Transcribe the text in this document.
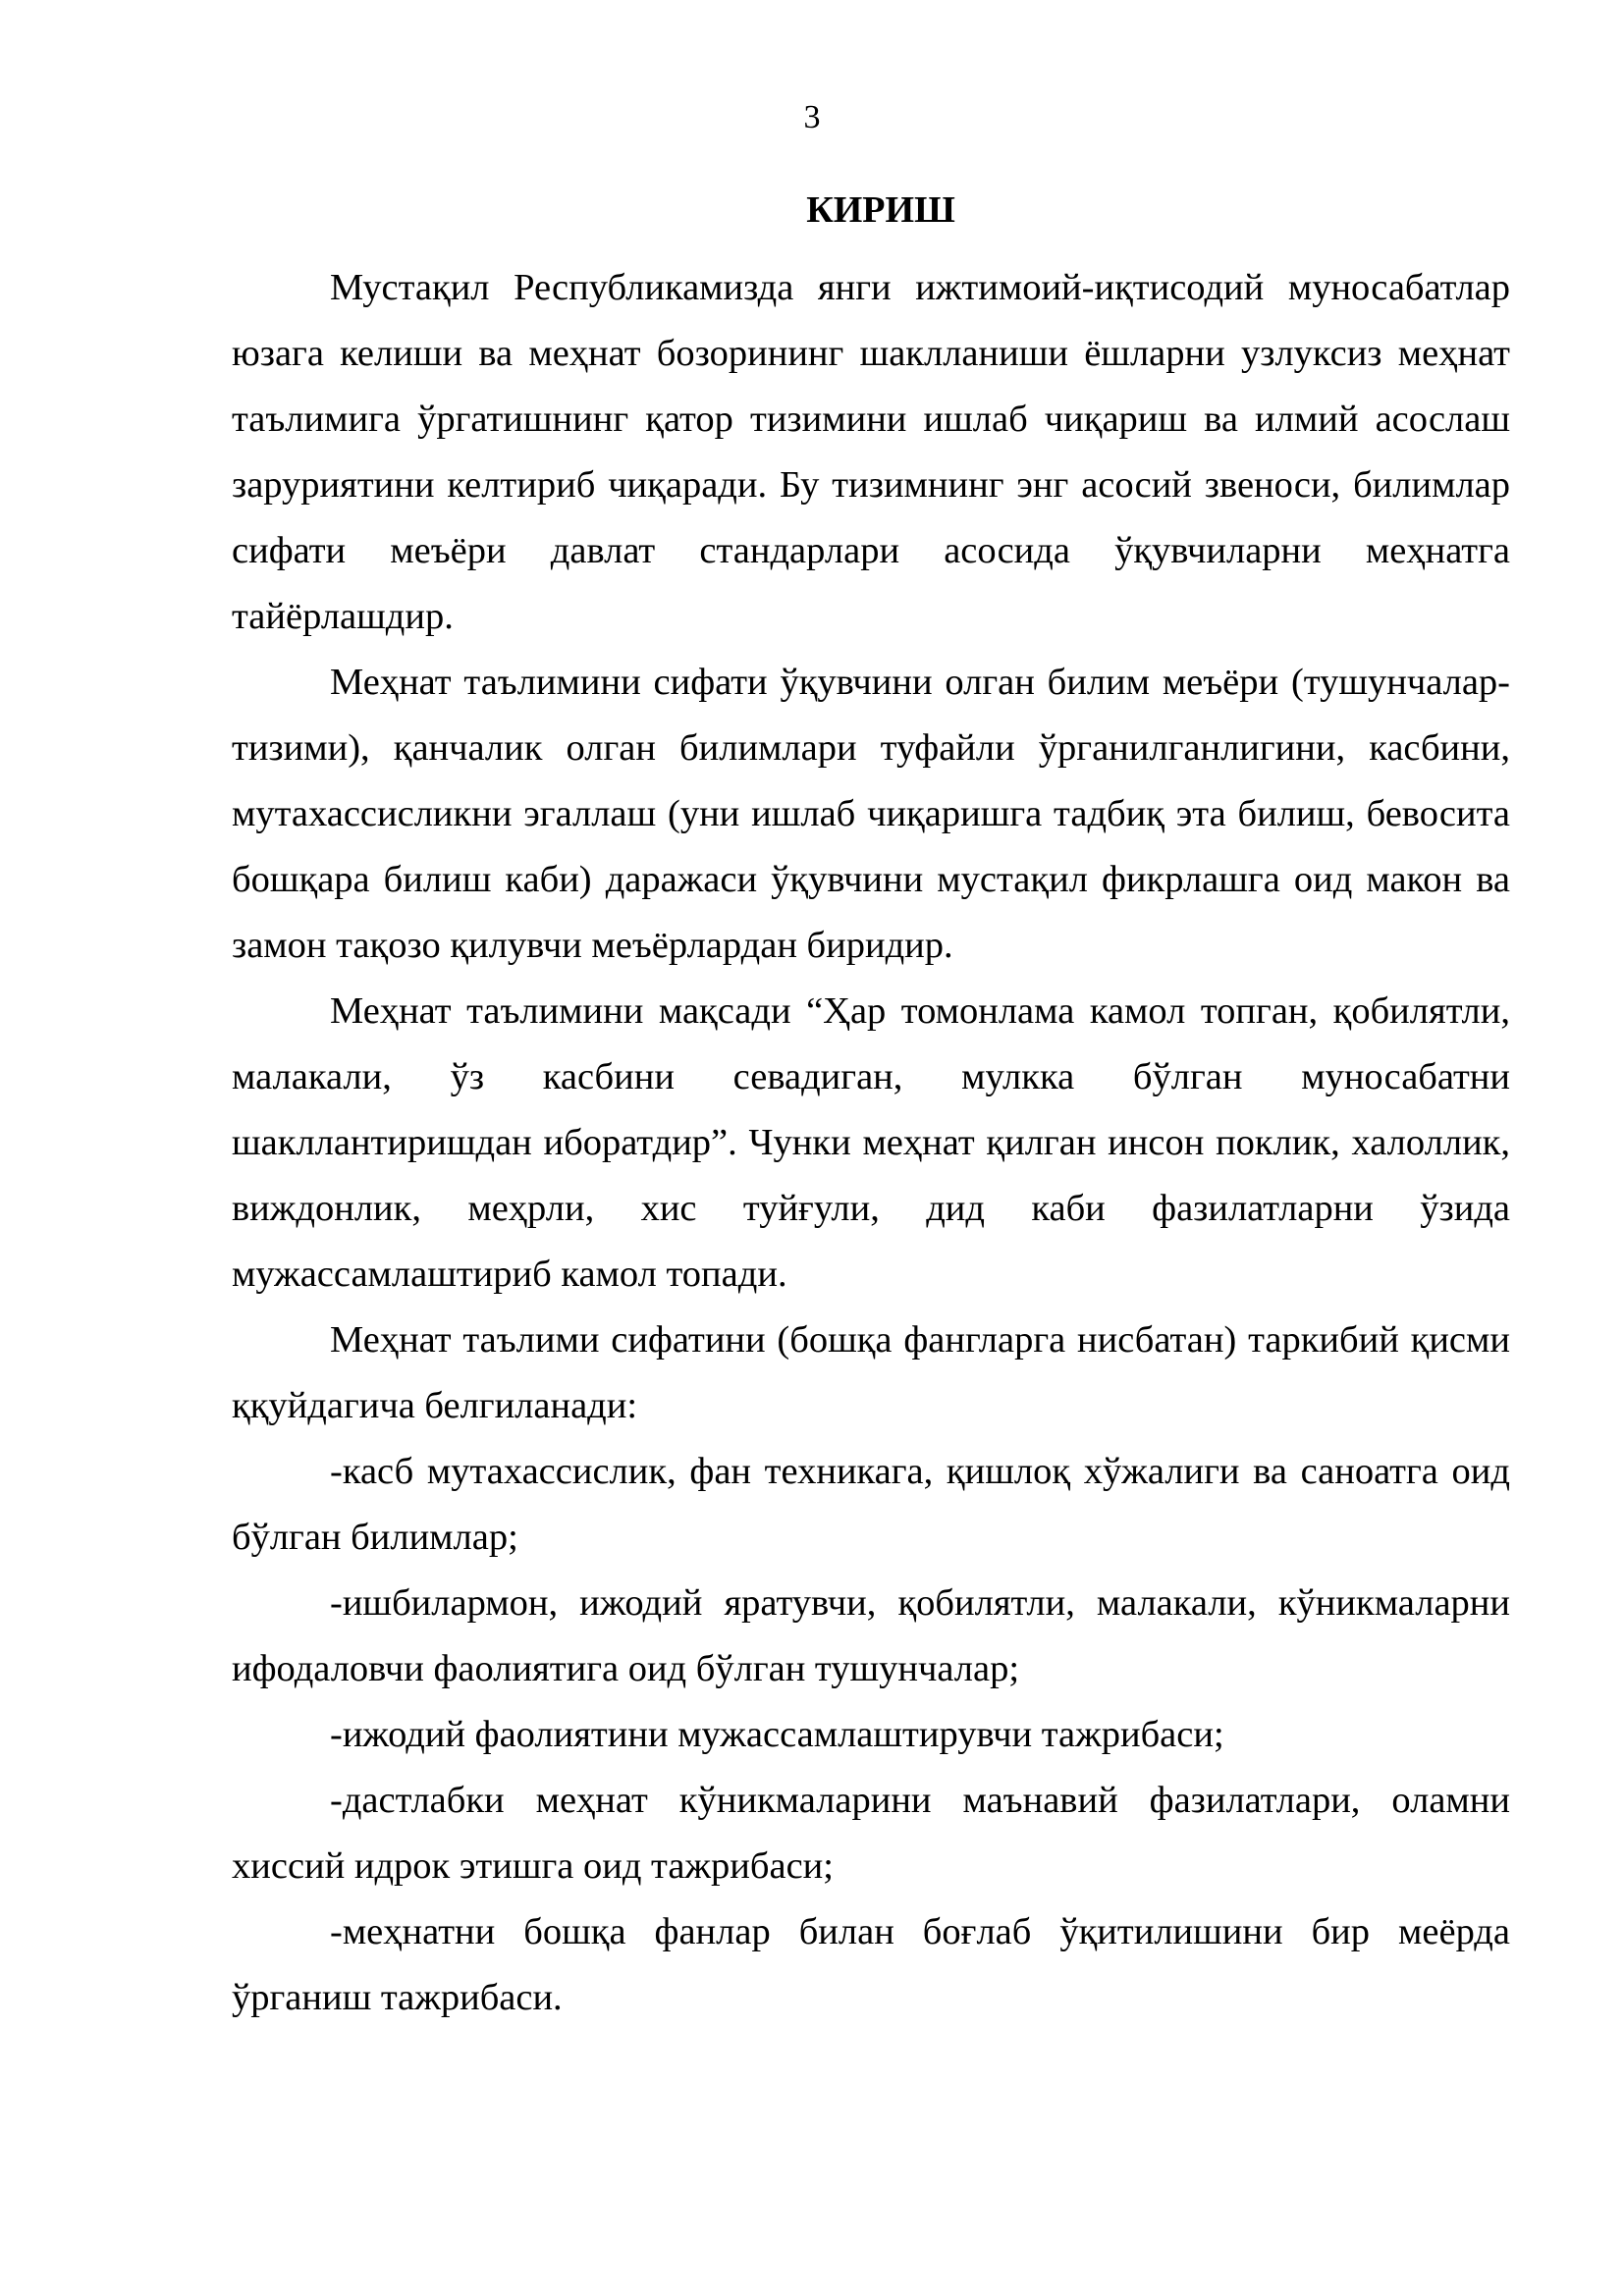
3
КИРИШ

Мустақил Республикамизда янги ижтимоий-иқтисодий муносабатлар юзага келиши ва меҳнат бозорининг шаклланиши ёшларни узлуксиз меҳнат таълимига ўргатишнинг қатор тизимини ишлаб чиқариш ва илмий асослаш заруриятини келтириб чиқаради. Бу тизимнинг энг асосий звеноси, билимлар сифати меъёри давлат стандарлари асосида ўқувчиларни меҳнатга тайёрлашдир.

Меҳнат таълимини сифати ўқувчини олган билим меъёри (тушунчалар-тизими), қанчалик олган билимлари туфайли ўрганилганлигини, касбини, мутахассисликни эгаллаш (уни ишлаб чиқаришга тадбиқ эта билиш, бевосита бошқара билиш каби) даражаси ўқувчини мустақил фикрлашга оид макон ва замон тақозо қилувчи меъёрлардан биридир.

Меҳнат таълимини мақсади “Ҳар томонлама камол топган, қобилятли, малакали, ўз касбини севадиган, мулкка бўлган муносабатни шакллантиришдан иборатдир”. Чунки меҳнат қилган инсон поклик, халоллик, виждонлик, меҳрли, хис туйғули, дид каби фазилатларни ўзида мужассамлаштириб камол топади.

Меҳнат таълими сифатини (бошқа фангларга нисбатан) таркибий қисми ққуйдагича белгиланади:

-касб мутахассислик, фан техникага, қишлоқ хўжалиги ва саноатга оид бўлган билимлар;

-ишбилармон, ижодий яратувчи, қобилятли, малакали, кўникмаларни ифодаловчи фаолиятига оид бўлган тушунчалар;

-ижодий фаолиятини мужассамлаштирувчи тажрибаси;

-дастлабки меҳнат кўникмаларини маънавий фазилатлари, оламни хиссий идрок этишга оид тажрибаси;

-меҳнатни бошқа фанлар билан боғлаб ўқитилишини бир меёрда ўрганиш тажрибаси.
